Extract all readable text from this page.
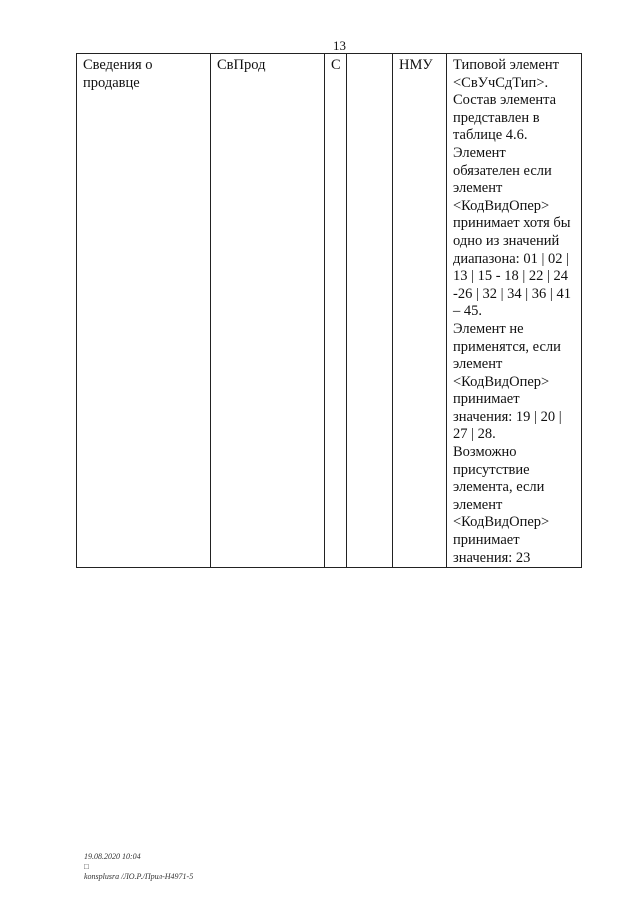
13
Сведения о продавце	СвПрод	С		НМУ	Типовой элемент
<СвУчСдТип>.
Состав элемента
представлен в
таблице 4.6.
Элемент
обязателен если
элемент
<КодВидОпер>
принимает хотя бы
одно из значений
диапазона: 01 | 02 |
13 | 15 - 18 | 22 | 24
-26 | 32 | 34 | 36 | 41
– 45.
Элемент не
применятся, если
элемент
<КодВидОпер>
принимает
значения: 19 | 20 |
27 | 28.
Возможно
присутствие
элемента, если
элемент
<КодВидОпер>
принимает
значения: 23
19.08.2020 10:04
□
konsplusra /ЛО.Р./Прил-Н4971-5
